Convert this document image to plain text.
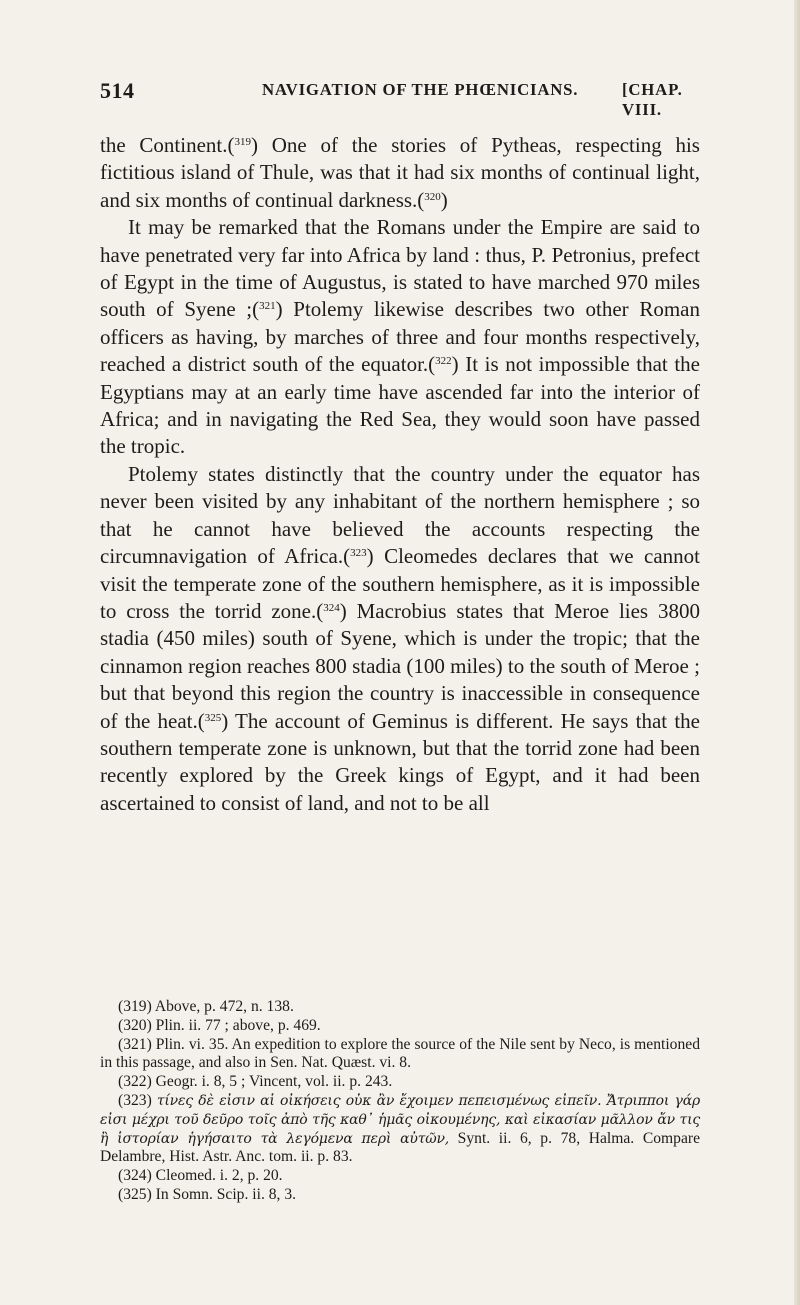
514	NAVIGATION OF THE PHŒNICIANS.	[CHAP. VIII.

the Continent.($^{319}$) One of the stories of Pytheas, respecting his fictitious island of Thule, was that it had six months of continual light, and six months of continual darkness.($^{320}$)

It may be remarked that the Romans under the Empire are said to have penetrated very far into Africa by land : thus, P. Petronius, prefect of Egypt in the time of Augustus, is stated to have marched 970 miles south of Syene ;($^{321}$) Ptolemy likewise describes two other Roman officers as having, by marches of three and four months respectively, reached a district south of the equator.($^{322}$) It is not impossible that the Egyptians may at an early time have ascended far into the interior of Africa; and in navigating the Red Sea, they would soon have passed the tropic.

Ptolemy states distinctly that the country under the equator has never been visited by any inhabitant of the northern hemisphere ; so that he cannot have believed the accounts respecting the circumnavigation of Africa.($^{323}$) Cleomedes declares that we cannot visit the temperate zone of the southern hemisphere, as it is impossible to cross the torrid zone.($^{324}$) Macrobius states that Meroe lies 3800 stadia (450 miles) south of Syene, which is under the tropic; that the cinnamon region reaches 800 stadia (100 miles) to the south of Meroe ; but that beyond this region the country is inaccessible in consequence of the heat.($^{325}$) The account of Geminus is different. He says that the southern temperate zone is unknown, but that the torrid zone had been recently explored by the Greek kings of Egypt, and it had been ascertained to consist of land, and not to be all

(319) Above, p. 472, n. 138.

(320) Plin. ii. 77 ; above, p. 469.

(321) Plin. vi. 35. An expedition to explore the source of the Nile sent by Neco, is mentioned in this passage, and also in Sen. Nat. Quæst. vi. 8.

(322) Geogr. i. 8, 5 ; Vincent, vol. ii. p. 243.

(323) τίνες δὲ εἰσιν αἱ οἰκήσεις οὐκ ἂν ἔχοιμεν πεπεισμένως εἰπεῖν. Ἄτριπποι γάρ εἰσι μέχρι τοῦ δεῦρο τοῖς ἀπὸ τῆς καθ᾽ ἡμᾶς οἰκουμένης, καὶ εἰκασίαν μᾶλλον ἄν τις ἢ ἱστορίαν ἡγήσαιτο τὰ λεγόμενα περὶ αὐτῶν, Synt. ii. 6, p. 78, Halma. Compare Delambre, Hist. Astr. Anc. tom. ii. p. 83.

(324) Cleomed. i. 2, p. 20.

(325) In Somn. Scip. ii. 8, 3.
